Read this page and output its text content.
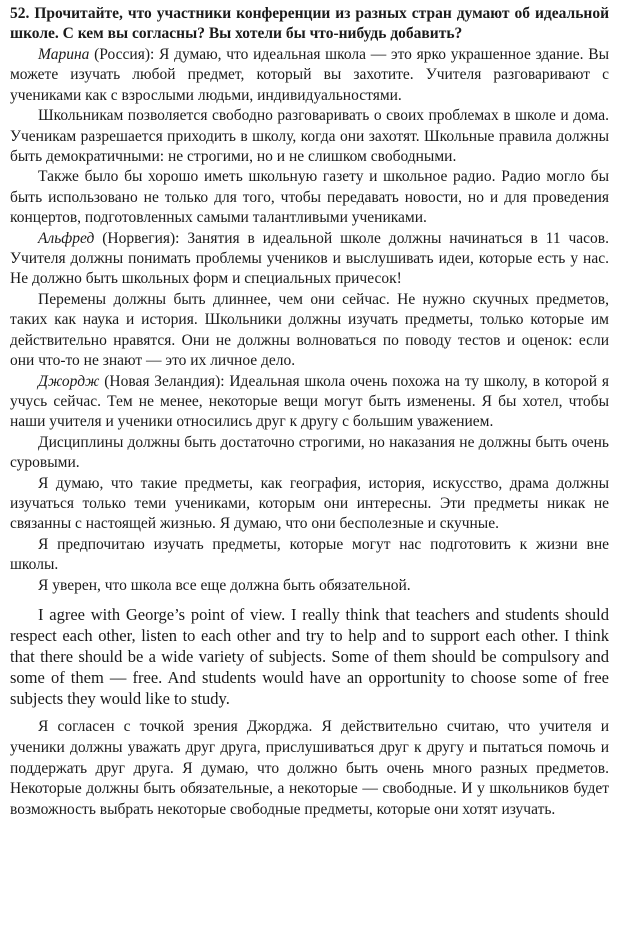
52. Прочитайте, что участники конференции из разных стран думают об идеальной школе. С кем вы согласны? Вы хотели бы что-нибудь добавить?

Марина (Россия): Я думаю, что идеальная школа — это ярко украшенное здание. Вы можете изучать любой предмет, который вы захотите. Учителя разговаривают с учениками как с взрослыми людьми, индивидуальностями.

Школьникам позволяется свободно разговаривать о своих проблемах в школе и дома. Ученикам разрешается приходить в школу, когда они захотят. Школьные правила должны быть демократичными: не строгими, но и не слишком свободными.

Также было бы хорошо иметь школьную газету и школьное радио. Радио могло бы быть использовано не только для того, чтобы передавать новости, но и для проведения концертов, подготовленных самыми талантливыми учениками.

Альфред (Норвегия): Занятия в идеальной школе должны начинаться в 11 часов. Учителя должны понимать проблемы учеников и выслушивать идеи, которые есть у нас. Не должно быть школьных форм и специальных причесок!

Перемены должны быть длиннее, чем они сейчас. Не нужно скучных предметов, таких как наука и история. Школьники должны изучать предметы, только которые им действительно нравятся. Они не должны волноваться по поводу тестов и оценок: если они что-то не знают — это их личное дело.

Джордж (Новая Зеландия): Идеальная школа очень похожа на ту школу, в которой я учусь сейчас. Тем не менее, некоторые вещи могут быть изменены. Я бы хотел, чтобы наши учителя и ученики относились друг к другу с большим уважением.

Дисциплины должны быть достаточно строгими, но наказания не должны быть очень суровыми.

Я думаю, что такие предметы, как география, история, искусство, драма должны изучаться только теми учениками, которым они интересны. Эти предметы никак не связанны с настоящей жизнью. Я думаю, что они бесполезные и скучные.

Я предпочитаю изучать предметы, которые могут нас подготовить к жизни вне школы.

Я уверен, что школа все еще должна быть обязательной.

I agree with George’s point of view. I really think that teachers and students should respect each other, listen to each other and try to help and to support each other. I think that there should be a wide variety of subjects. Some of them should be compulsory and some of them — free. And students would have an opportunity to choose some of free subjects they would like to study.

Я согласен с точкой зрения Джорджа. Я действительно считаю, что учителя и ученики должны уважать друг друга, прислушиваться друг к другу и пытаться помочь и поддержать друг друга. Я думаю, что должно быть очень много разных предметов. Некоторые должны быть обязательные, а некоторые — свободные. И у школьников будет возможность выбрать некоторые свободные предметы, которые они хотят изучать.
